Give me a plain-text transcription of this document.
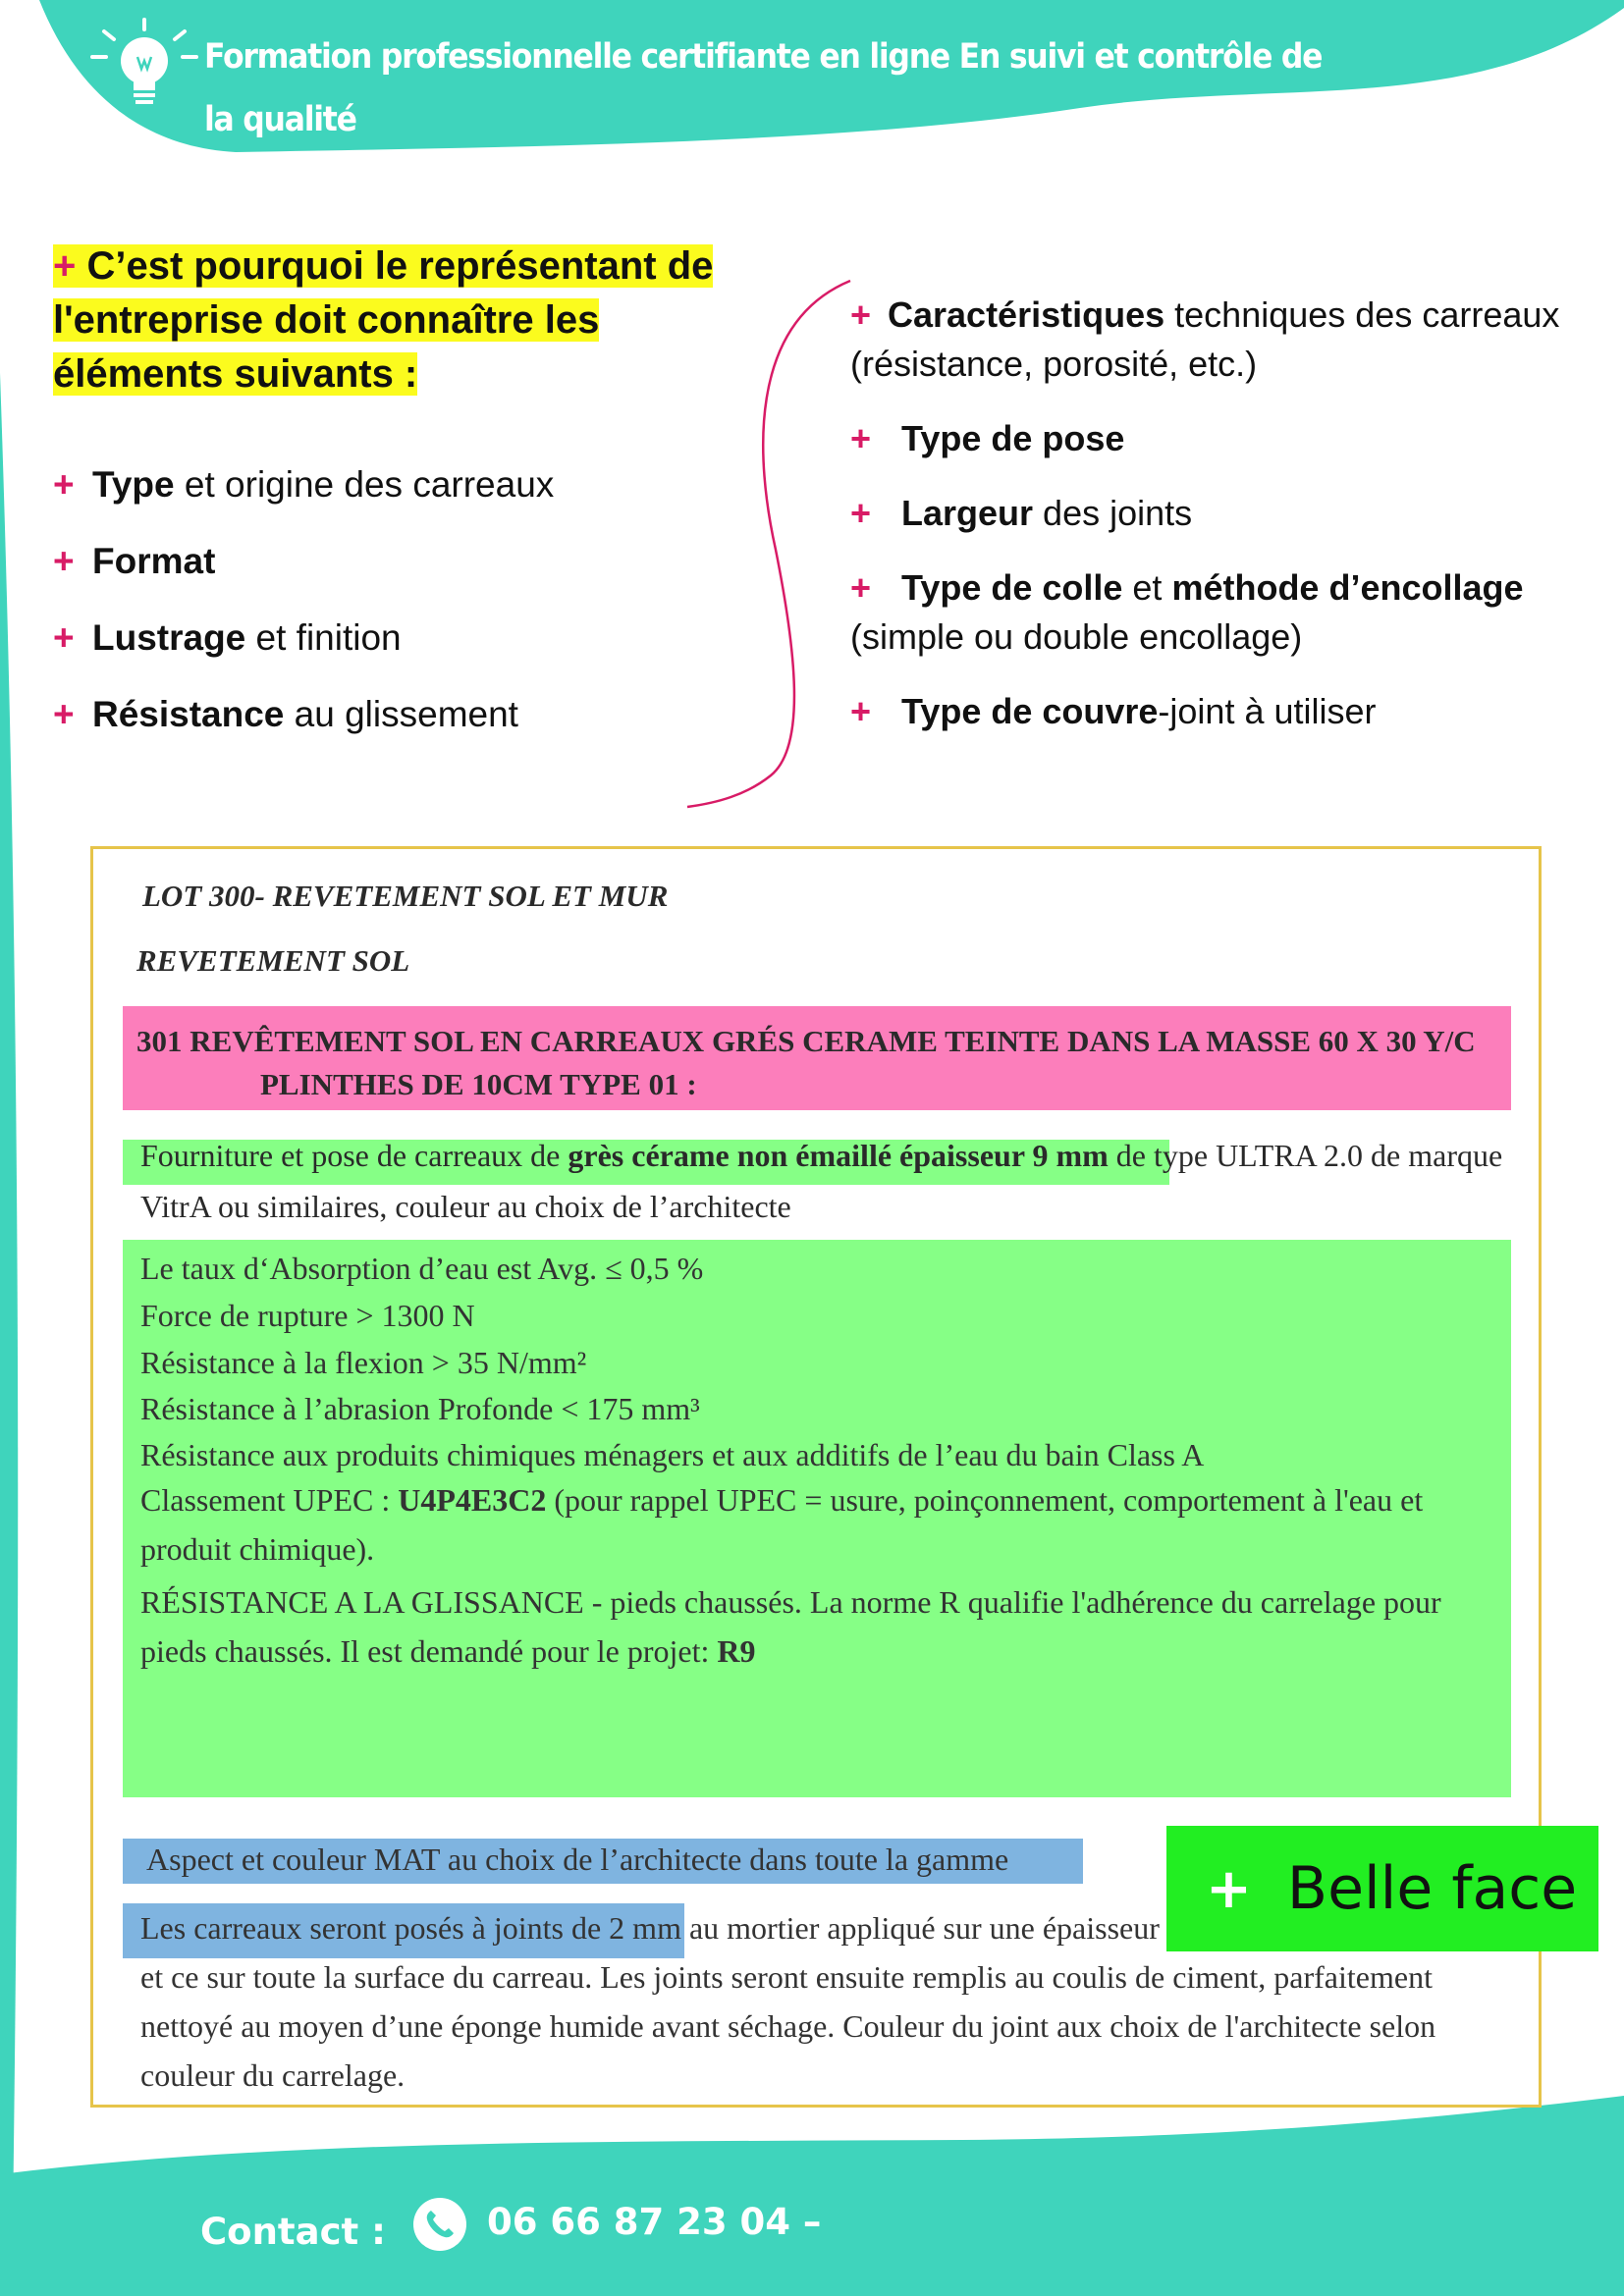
Formation professionnelle certifiante en ligne En suivi et contrôle de la qualité
des travaux de construction (TCE) / 8 mois

+ C’est pourquoi le représentant de

l'entreprise doit connaître les

éléments suivants :

+ Type et origine des carreaux
+ Format
+ Lustrage et finition
+ Résistance au glissement
+ Caractéristiques techniques des carreaux (résistance, porosité, etc.)
+ Type de pose
+ Largeur des joints
+ Type de colle et méthode d’encollage (simple ou double encollage)
+ Type de couvre-joint à utiliser
LOT 300- REVETEMENT SOL ET MUR
REVETEMENT SOL

301 REVÊTEMENT SOL EN CARREAUX GRÉS CERAME TEINTE DANS LA MASSE 60 X 30 Y/C
PLINTHES DE 10CM TYPE 01 :

Fourniture et pose de carreaux de grès cérame non émaillé épaisseur 9 mm de type ULTRA 2.0 de marque VitrA ou similaires, couleur au choix de l’architecte
Le taux d‘Absorption d’eau est Avg. ≤ 0,5 %
Force de rupture > 1300 N
Résistance à la flexion > 35 N/mm²
Résistance à l’abrasion Profonde < 175 mm³
Résistance aux produits chimiques ménagers et aux additifs de l’eau du bain Class A
Classement UPEC : U4P4E3C2 (pour rappel UPEC = usure, poinçonnement, comportement à l'eau et produit chimique).
RÉSISTANCE A LA GLISSANCE - pieds chaussés. La norme R qualifie l'adhérence du carrelage pour pieds chaussés. Il est demandé pour le projet: R9
Aspect et couleur MAT au choix de l’architecte dans toute la gamme
Les carreaux seront posés à joints de 2 mm au mortier appliqué sur une épaisseur
et ce sur toute la surface du carreau. Les joints seront ensuite remplis au coulis de ciment, parfaitement nettoyé au moyen d’une éponge humide avant séchage. Couleur du joint aux choix de l'architecte selon couleur du carrelage.
+ Belle face
Contact :	06 66 87 23 04 –
